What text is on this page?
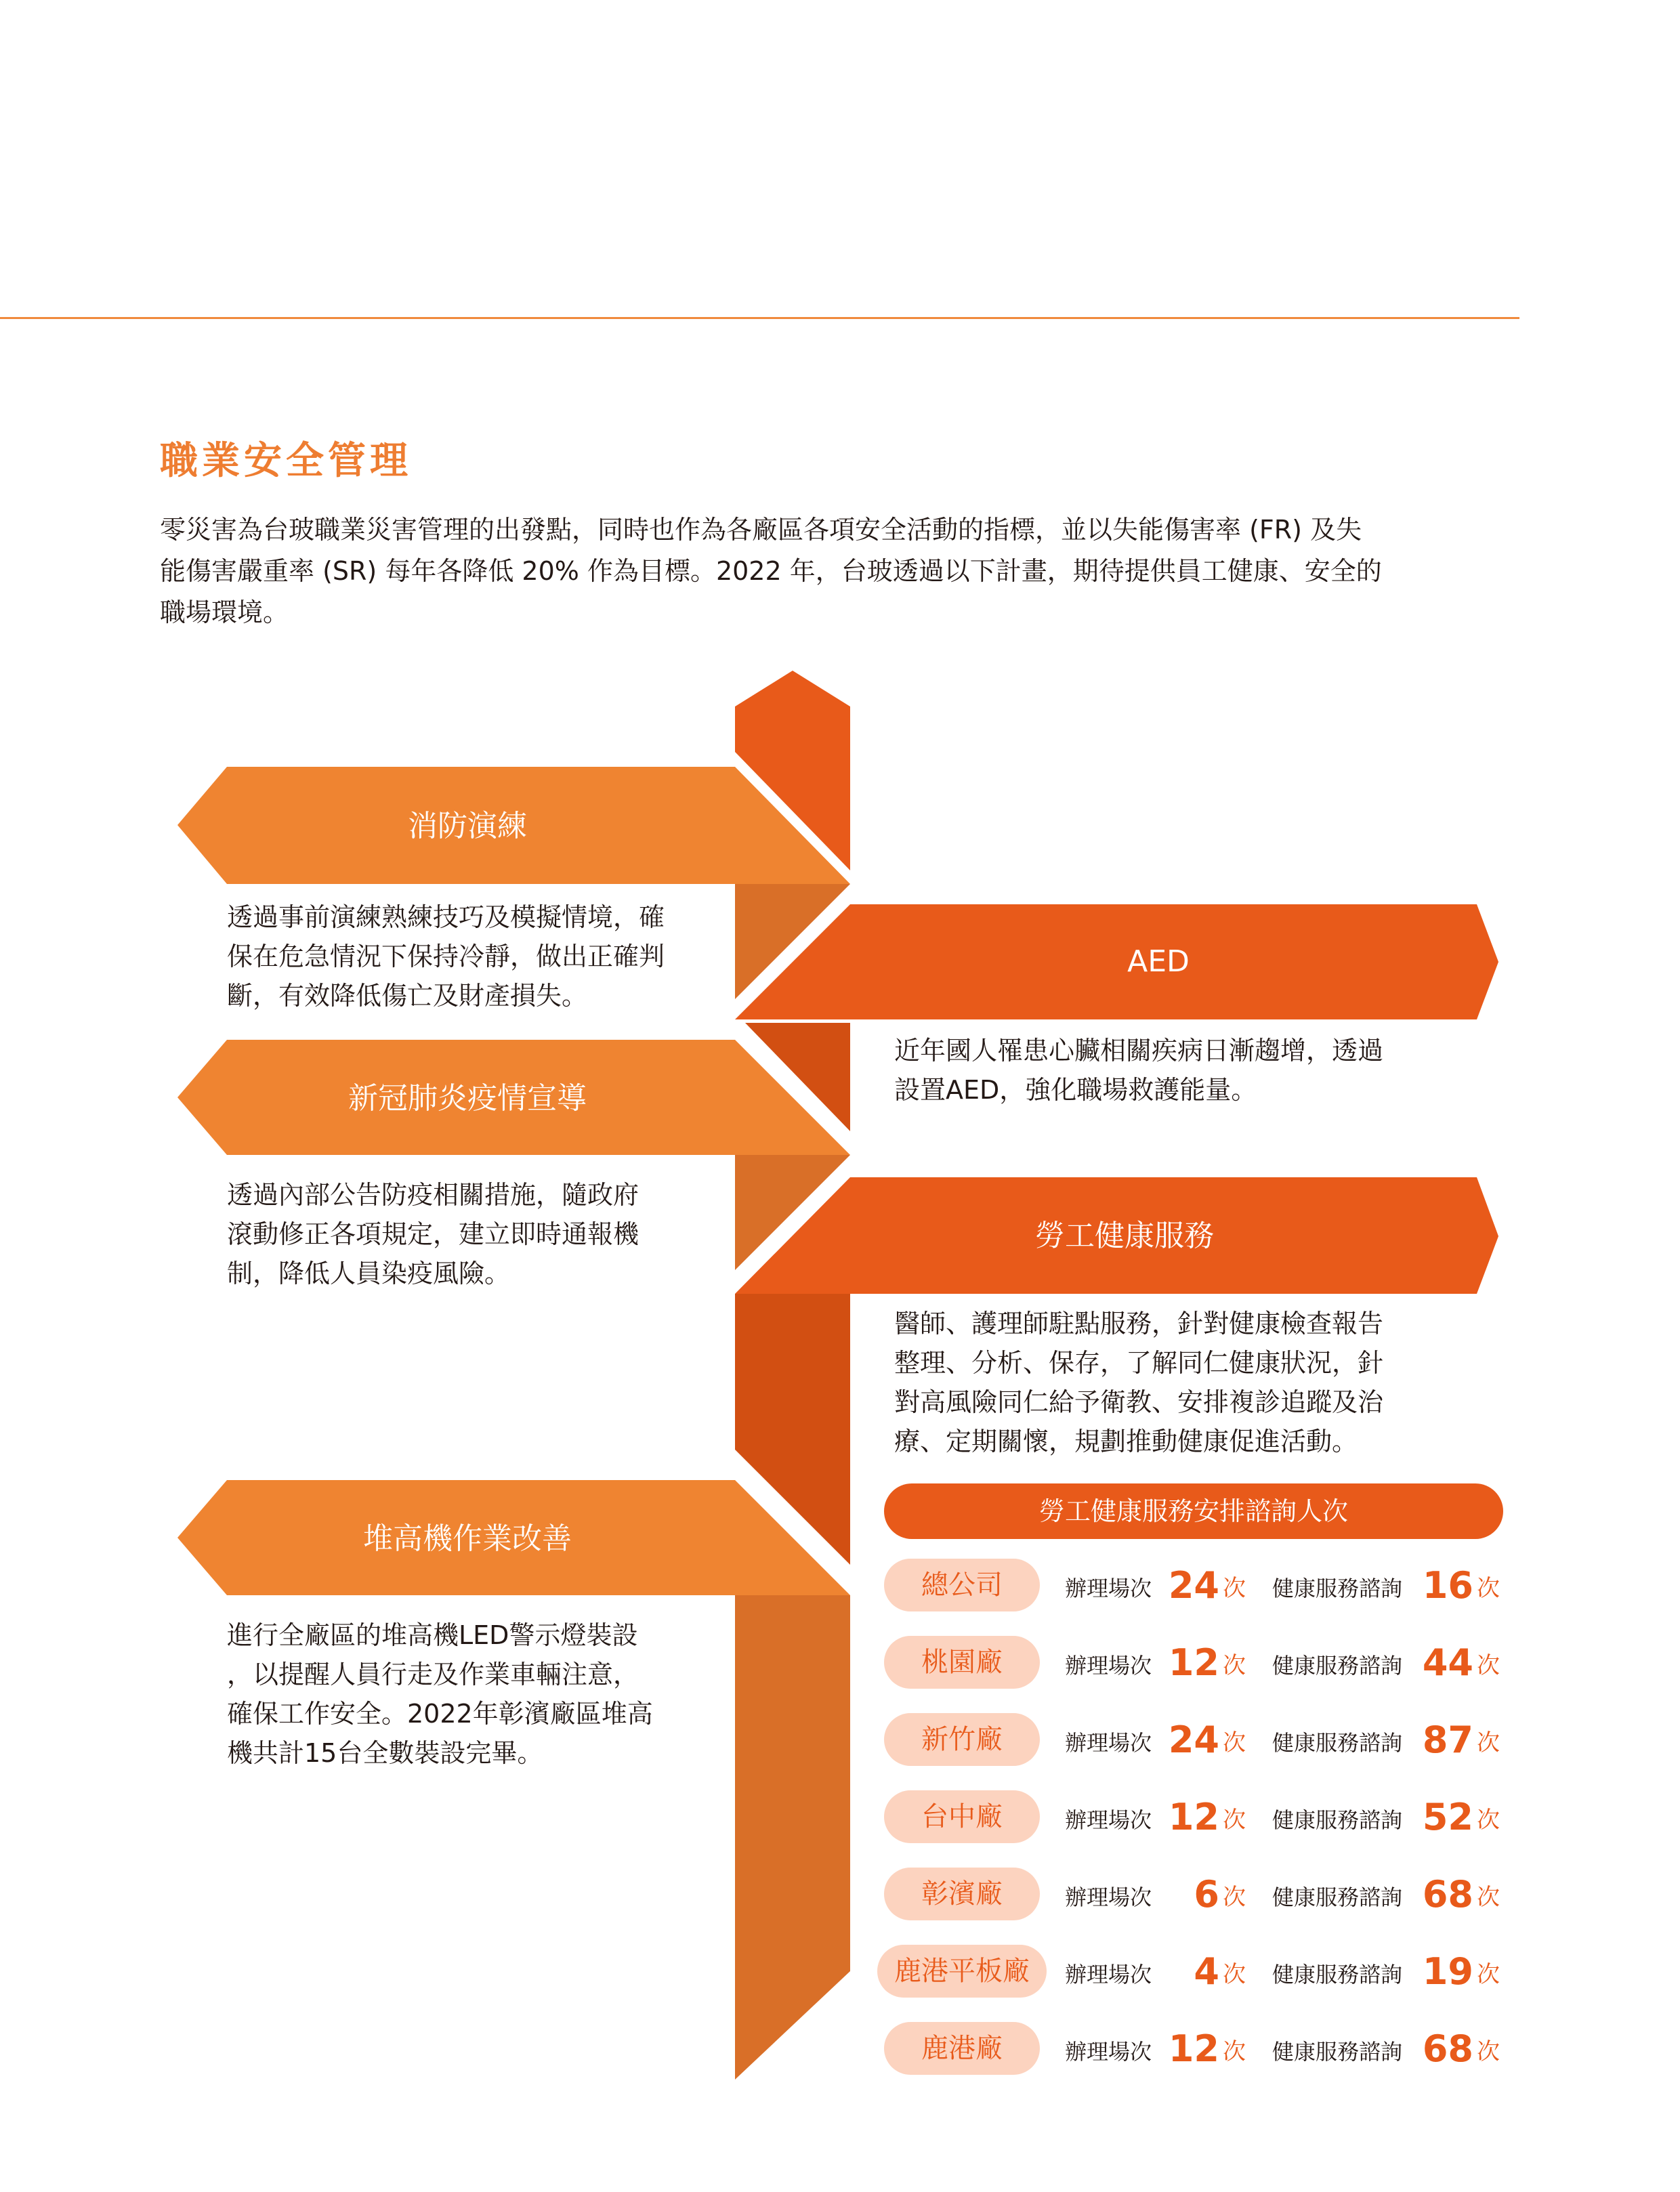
職業安全管理

零災害為台玻職業災害管理的出發點，同時也作為各廠區各項安全活動的指標，並以失能傷害率 (FR) 及失

能傷害嚴重率 (SR) 每年各降低 20% 作為目標。2022 年，台玻透過以下計畫，期待提供員工健康、安全的

職場環境。

消防演練
新冠肺炎疫情宣導
堆高機作業改善
AED
勞工健康服務

透過事前演練熟練技巧及模擬情境，確

保在危急情況下保持冷靜，做出正確判

斷，有效降低傷亡及財產損失。

透過內部公告防疫相關措施，隨政府

滾動修正各項規定，建立即時通報機

制，降低人員染疫風險。

進行全廠區的堆高機LED警示燈裝設

，以提醒人員行走及作業車輛注意，

確保工作安全。2022年彰濱廠區堆高

機共計15台全數裝設完畢。

近年國人罹患心臟相關疾病日漸趨增，透過

設置AED，強化職場救護能量。

醫師、護理師駐點服務，針對健康檢查報告

整理、分析、保存，了解同仁健康狀況，針

對高風險同仁給予衛教、安排複診追蹤及治

療、定期關懷，規劃推動健康促進活動。

勞工健康服務安排諮詢人次
總公司	辦理場次 24 次 健康服務諮詢 16 次
桃園廠	辦理場次 12 次 健康服務諮詢 44 次
新竹廠	辦理場次 24 次 健康服務諮詢 87 次
台中廠	辦理場次 12 次 健康服務諮詢 52 次
彰濱廠	辦理場次	6 次 健康服務諮詢 68 次
鹿港平板廠	辦理場次	4 次 健康服務諮詢 19 次
鹿港廠	辦理場次 12 次 健康服務諮詢 68 次
